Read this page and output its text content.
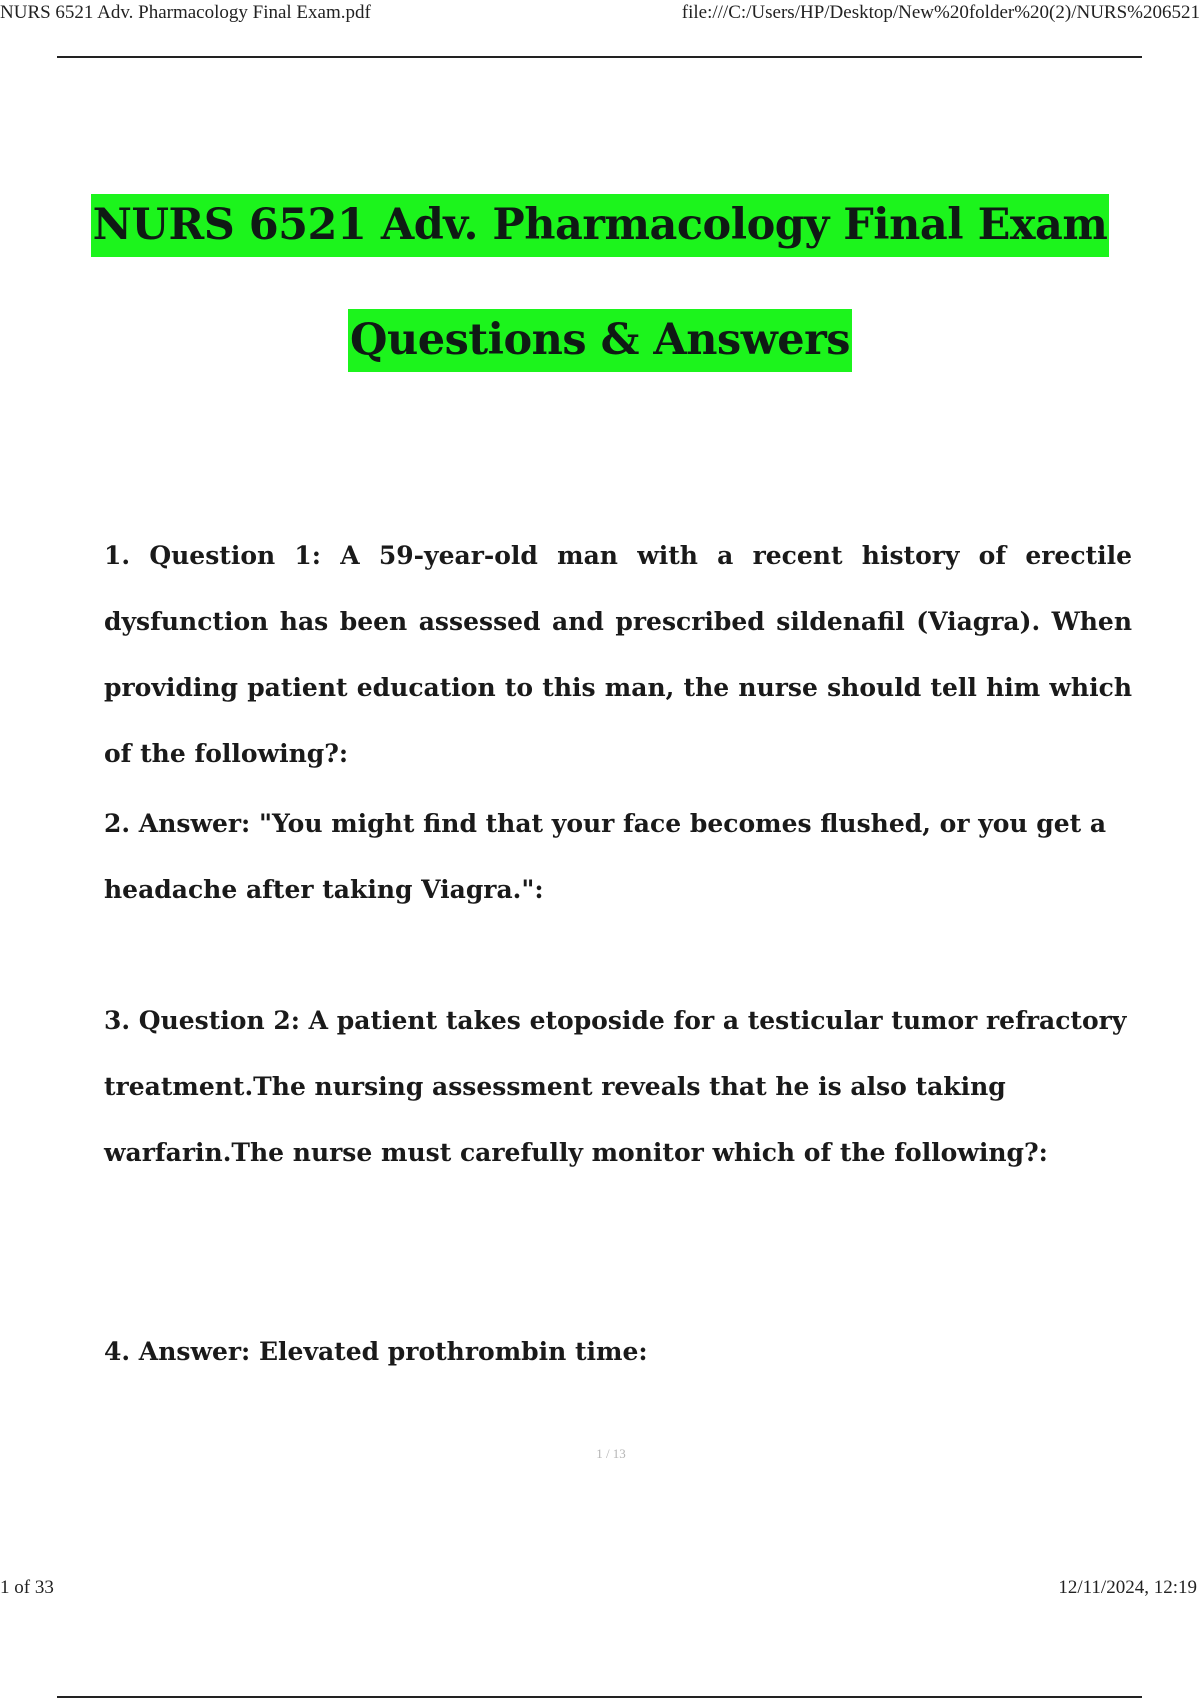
NURS 6521 Adv. Pharmacology Final Exam.pdf	file:///C:/Users/HP/Desktop/New%20folder%20(2)/NURS%206521
NURS 6521 Adv. Pharmacology Final Exam
Questions & Answers

1. Question 1: A 59-year-old man with a recent history of erectile dysfunction has been assessed and prescribed sildenafil (Viagra). When providing patient education to this man, the nurse should tell him which of the following?:

2. Answer: "You might find that your face becomes flushed, or you get a headache after taking Viagra.":

3. Question 2: A patient takes etoposide for a testicular tumor refractory treatment.The nursing assessment reveals that he is also taking warfarin.The nurse must carefully monitor which of the following?:

4. Answer: Elevated prothrombin time:

1 / 13
1 of 33	12/11/2024, 12:19
